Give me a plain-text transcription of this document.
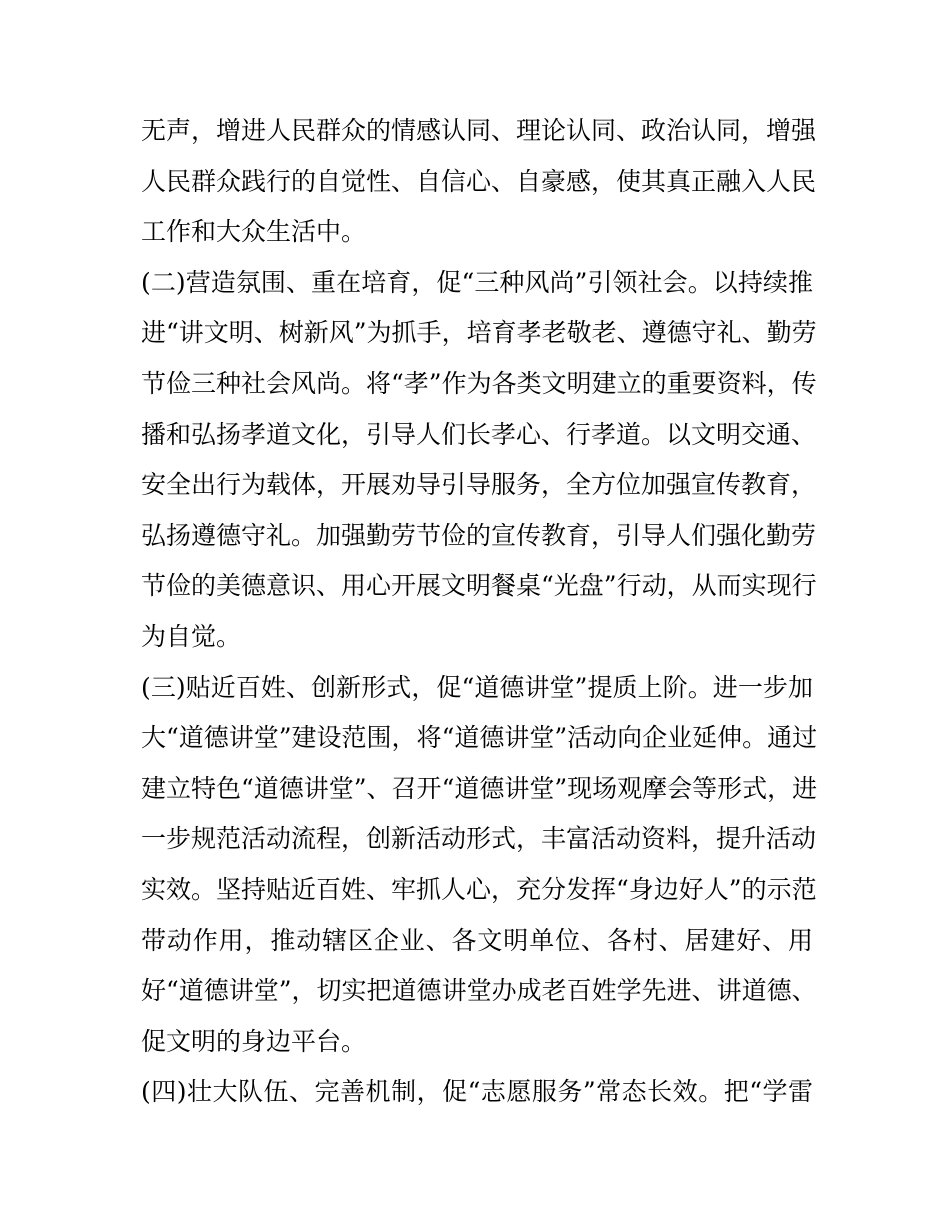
无声，增进人民群众的情感认同、理论认同、政治认同，增强
人民群众践行的自觉性、自信心、自豪感，使其真正融入人民
工作和大众生活中。
(二)营造氛围、重在培育，促“三种风尚”引领社会。以持续推
进“讲文明、树新风”为抓手，培育孝老敬老、遵德守礼、勤劳
节俭三种社会风尚。将“孝”作为各类文明建立的重要资料，传
播和弘扬孝道文化，引导人们长孝心、行孝道。以文明交通、
安全出行为载体，开展劝导引导服务，全方位加强宣传教育，
弘扬遵德守礼。加强勤劳节俭的宣传教育，引导人们强化勤劳
节俭的美德意识、用心开展文明餐桌“光盘”行动，从而实现行
为自觉。
(三)贴近百姓、创新形式，促“道德讲堂”提质上阶。进一步加
大“道德讲堂”建设范围，将“道德讲堂”活动向企业延伸。通过
建立特色“道德讲堂”、召开“道德讲堂”现场观摩会等形式，进
一步规范活动流程，创新活动形式，丰富活动资料，提升活动
实效。坚持贴近百姓、牢抓人心，充分发挥“身边好人”的示范
带动作用，推动辖区企业、各文明单位、各村、居建好、用
好“道德讲堂”，切实把道德讲堂办成老百姓学先进、讲道德、
促文明的身边平台。
(四)壮大队伍、完善机制，促“志愿服务”常态长效。把“学雷
